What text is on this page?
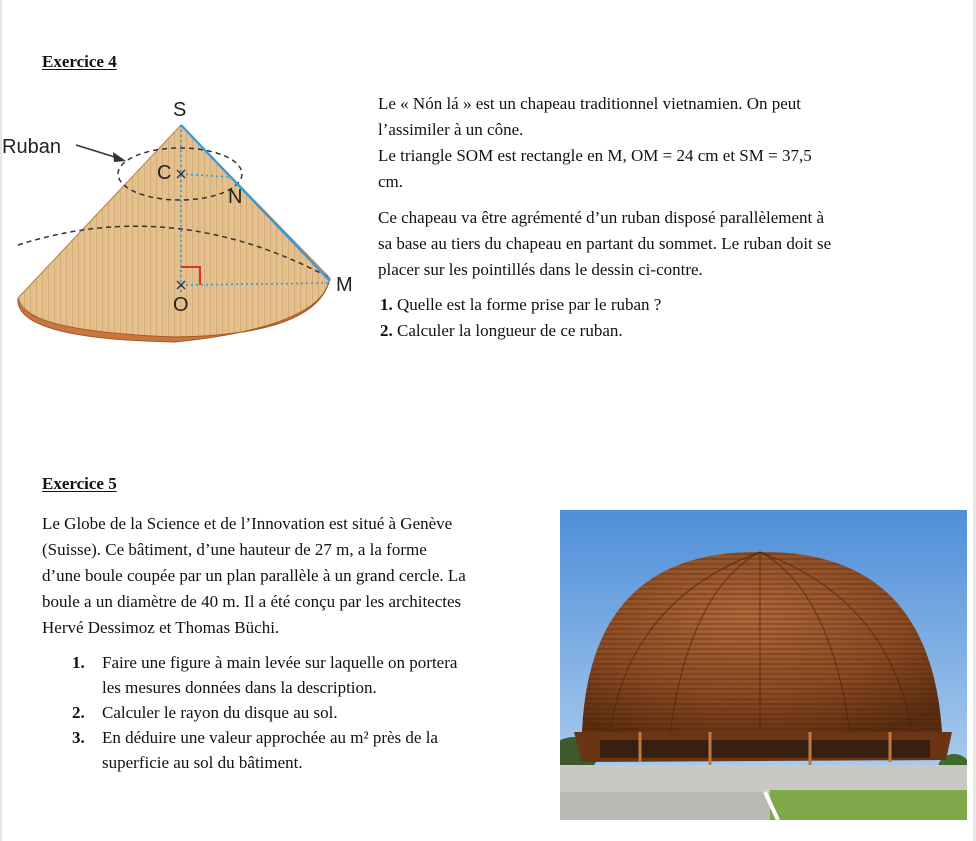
Exercice 4
Ruban
S
C
N
O
M
Le « Nón lá » est un chapeau traditionnel vietnamien. On peut
l’assimiler à un cône.
Le triangle SOM est rectangle en M, OM = 24 cm et SM = 37,5
cm.
Ce chapeau va être agrémenté d’un ruban disposé parallèlement à
sa base au tiers du chapeau en partant du sommet. Le ruban doit se
placer sur les pointillés dans le dessin ci-contre.
1. Quelle est la forme prise par le ruban ?
2. Calculer la longueur de ce ruban.
Exercice 5
Le Globe de la Science et de l’Innovation est situé à Genève
(Suisse). Ce bâtiment, d’une hauteur de 27 m, a la forme
d’une boule coupée par un plan parallèle à un grand cercle. La
boule a un diamètre de 40 m. Il a été conçu par les architectes
Hervé Dessimoz et Thomas Büchi.
1. Faire une figure à main levée sur laquelle on portera
les mesures données dans la description.
2. Calculer le rayon du disque au sol.
3. En déduire une valeur approchée au m² près de la
superficie au sol du bâtiment.
